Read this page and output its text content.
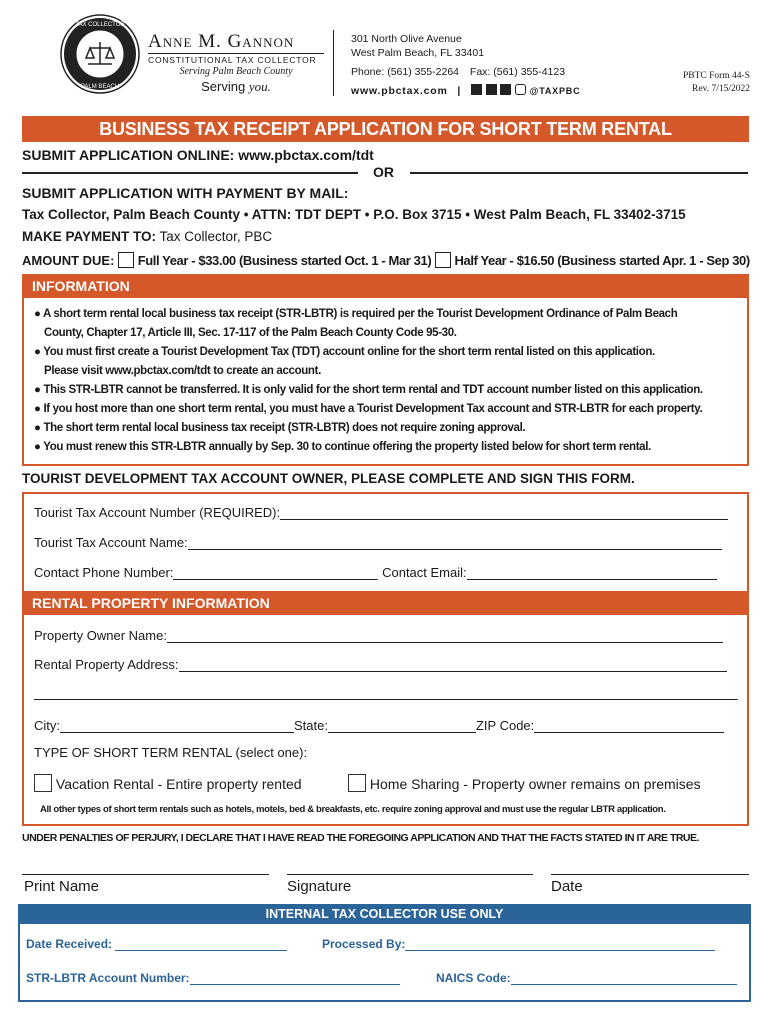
TAX COLLECTOR
PALM BEACH
Anne M. Gannon
CONSTITUTIONAL TAX COLLECTOR
Serving Palm Beach County
Serving you.
301 North Olive Avenue
West Palm Beach, FL 33401
Phone: (561) 355-2264 Fax: (561) 355-4123
www.pbctax.com |	@TAXPBC
PBTC Form 44-S
Rev. 7/15/2022
BUSINESS TAX RECEIPT APPLICATION FOR SHORT TERM RENTAL
SUBMIT APPLICATION ONLINE: www.pbctax.com/tdt
OR
SUBMIT APPLICATION WITH PAYMENT BY MAIL:
Tax Collector, Palm Beach County • ATTN: TDT DEPT • P.O. Box 3715 • West Palm Beach, FL 33402-3715
MAKE PAYMENT TO: Tax Collector, PBC
AMOUNT DUE: Full Year - $33.00 (Business started Oct. 1 - Mar 31) Half Year - $16.50 (Business started Apr. 1 - Sep 30)
INFORMATION
● A short term rental local business tax receipt (STR-LBTR) is required per the Tourist Development Ordinance of Palm Beach
County, Chapter 17, Article III, Sec. 17-117 of the Palm Beach County Code 95-30.
● You must first create a Tourist Development Tax (TDT) account online for the short term rental listed on this application.
Please visit www.pbctax.com/tdt to create an account.
● This STR-LBTR cannot be transferred. It is only valid for the short term rental and TDT account number listed on this application.
● If you host more than one short term rental, you must have a Tourist Development Tax account and STR-LBTR for each property.
● The short term rental local business tax receipt (STR-LBTR) does not require zoning approval.
● You must renew this STR-LBTR annually by Sep. 30 to continue offering the property listed below for short term rental.
TOURIST DEVELOPMENT TAX ACCOUNT OWNER, PLEASE COMPLETE AND SIGN THIS FORM.
Tourist Tax Account Number (REQUIRED):
Tourist Tax Account Name:
Contact Phone Number:	Contact Email:
RENTAL PROPERTY INFORMATION
Property Owner Name:
Rental Property Address:
City:	State:	ZIP Code:
TYPE OF SHORT TERM RENTAL (select one):
Vacation Rental - Entire property rented	Home Sharing - Property owner remains on premises
All other types of short term rentals such as hotels, motels, bed & breakfasts, etc. require zoning approval and must use the regular LBTR application.
UNDER PENALTIES OF PERJURY, I DECLARE THAT I HAVE READ THE FOREGOING APPLICATION AND THAT THE FACTS STATED IN IT ARE TRUE.
Print Name	Signature	Date
INTERNAL TAX COLLECTOR USE ONLY
Date Received:	Processed By:
STR-LBTR Account Number:	NAICS Code:
